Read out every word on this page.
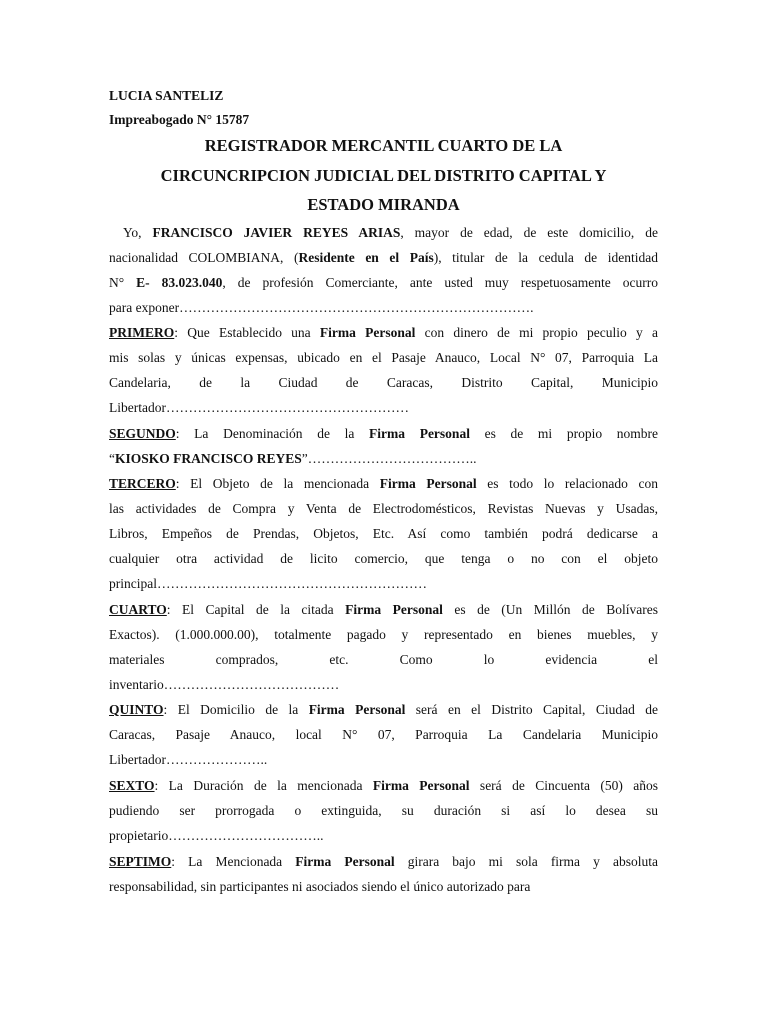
LUCIA SANTELIZ
Impreabogado N° 15787
REGISTRADOR MERCANTIL CUARTO DE LA
CIRCUNCRIPCION JUDICIAL DEL DISTRITO CAPITAL Y
ESTADO MIRANDA
Yo, FRANCISCO JAVIER REYES ARIAS, mayor de edad, de este domicilio, de
nacionalidad COLOMBIANA, (Residente en el País), titular de la cedula de identidad
N° E- 83.023.040, de profesión Comerciante, ante usted muy respetuosamente ocurro
para exponer…………………………………………………………………….
PRIMERO: Que Establecido una Firma Personal con dinero de mi propio peculio y a
mis solas y únicas expensas, ubicado en el Pasaje Anauco, Local N° 07, Parroquia La
Candelaria, de la Ciudad de Caracas, Distrito Capital, Municipio
Libertador………………………………………………
SEGUNDO: La Denominación de la Firma Personal es de mi propio nombre
“KIOSKO FRANCISCO REYES”………………………………..
TERCERO: El Objeto de la mencionada Firma Personal es todo lo relacionado con
las actividades de Compra y Venta de Electrodomésticos, Revistas Nuevas y Usadas,
Libros, Empeños de Prendas, Objetos, Etc. Así como también podrá dedicarse a
cualquier otra actividad de licito comercio, que tenga o no con el objeto
principal……………………………………………………
CUARTO: El Capital de la citada Firma Personal es de (Un Millón de Bolívares
Exactos). (1.000.000.00), totalmente pagado y representado en bienes muebles, y
materiales comprados, etc. Como lo evidencia el
inventario…………………………………
QUINTO: El Domicilio de la Firma Personal será en el Distrito Capital, Ciudad de
Caracas, Pasaje Anauco, local N° 07, Parroquia La Candelaria Municipio
Libertador…………………..
SEXTO: La Duración de la mencionada Firma Personal será de Cincuenta (50) años
pudiendo ser prorrogada o extinguida, su duración si así lo desea su
propietario……………………………..
SEPTIMO: La Mencionada Firma Personal girara bajo mi sola firma y absoluta
responsabilidad, sin participantes ni asociados siendo el único autorizado para
